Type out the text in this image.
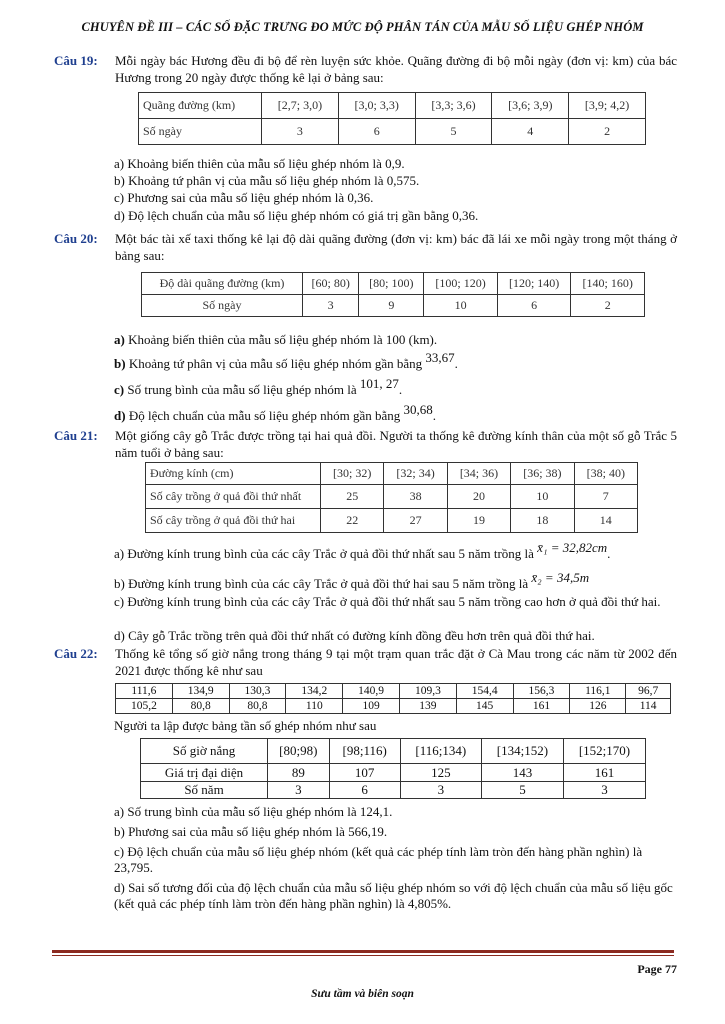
CHUYÊN ĐỀ III – CÁC SỐ ĐẶC TRƯNG ĐO MỨC ĐỘ PHÂN TÁN CỦA MẪU SỐ LIỆU GHÉP NHÓM
Câu 19: Mỗi ngày bác Hương đều đi bộ để rèn luyện sức khỏe. Quãng đường đi bộ mỗi ngày (đơn vị: km) của bác Hương trong 20 ngày được thống kê lại ở bảng sau:
Quãng đường (km)	[2,7; 3,0)	[3,0; 3,3)	[3,3; 3,6)	[3,6; 3,9)	[3,9; 4,2)
Số ngày	3	6	5	4	2
a) Khoảng biến thiên của mẫu số liệu ghép nhóm là 0,9.
b) Khoảng tứ phân vị của mẫu số liệu ghép nhóm là 0,575.
c) Phương sai của mẫu số liệu ghép nhóm là 0,36.
d) Độ lệch chuẩn của mẫu số liệu ghép nhóm có giá trị gần bằng 0,36.
Câu 20: Một bác tài xế taxi thống kê lại độ dài quãng đường (đơn vị: km) bác đã lái xe mỗi ngày trong một tháng ở bảng sau:
Độ dài quãng đường (km)	[60; 80)	[80; 100)	[100; 120)	[120; 140)	[140; 160)
Số ngày	3	9	10	6	2
a) Khoảng biến thiên của mẫu số liệu ghép nhóm là 100 (km).
b) Khoảng tứ phân vị của mẫu số liệu ghép nhóm gần bằng 33,67.
c) Số trung bình của mẫu số liệu ghép nhóm là 101, 27.
d) Độ lệch chuẩn của mẫu số liệu ghép nhóm gần bằng 30,68.
Câu 21: Một giống cây gỗ Trắc được trồng tại hai quả đồi. Người ta thống kê đường kính thân của một số gỗ Trắc 5 năm tuổi ở bảng sau:
Đường kính (cm)	[30; 32)	[32; 34)	[34; 36)	[36; 38)	[38; 40)
Số cây trồng ở quả đồi thứ nhất	25	38	20	10	7
Số cây trồng ở quả đồi thứ hai	22	27	19	18	14
a) Đường kính trung bình của các cây Trắc ở quả đồi thứ nhất sau 5 năm trồng là x̄₁ = 32,82cm.
b) Đường kính trung bình của các cây Trắc ở quả đồi thứ hai sau 5 năm trồng là x̄₂ = 34,5m
c) Đường kính trung bình của các cây Trắc ở quả đồi thứ nhất sau 5 năm trồng cao hơn ở quả đồi thứ hai.
d) Cây gỗ Trắc trồng trên quả đồi thứ nhất có đường kính đồng đều hơn trên quả đồi thứ hai.
Câu 22: Thống kê tổng số giờ nắng trong tháng 9 tại một trạm quan trắc đặt ở Cà Mau trong các năm từ 2002 đến 2021 được thống kê như sau
111,6	134,9	130,3	134,2	140,9	109,3	154,4	156,3	116,1	96,7
105,2	80,8	80,8	110	109	139	145	161	126	114
Người ta lập được bảng tần số ghép nhóm như sau
Số giờ nắng	[80;98)	[98;116)	[116;134)	[134;152)	[152;170)
Giá trị đại diện	89	107	125	143	161
Số năm	3	6	3	5	3
a) Số trung bình của mẫu số liệu ghép nhóm là 124,1.
b) Phương sai của mẫu số liệu ghép nhóm là 566,19.
c) Độ lệch chuẩn của mẫu số liệu ghép nhóm (kết quả các phép tính làm tròn đến hàng phần nghìn) là 23,795.
d) Sai số tương đối của độ lệch chuẩn của mẫu số liệu ghép nhóm so với độ lệch chuẩn của mẫu số liệu gốc (kết quả các phép tính làm tròn đến hàng phần nghìn) là 4,805%.
Page 77
Sưu tầm và biên soạn
